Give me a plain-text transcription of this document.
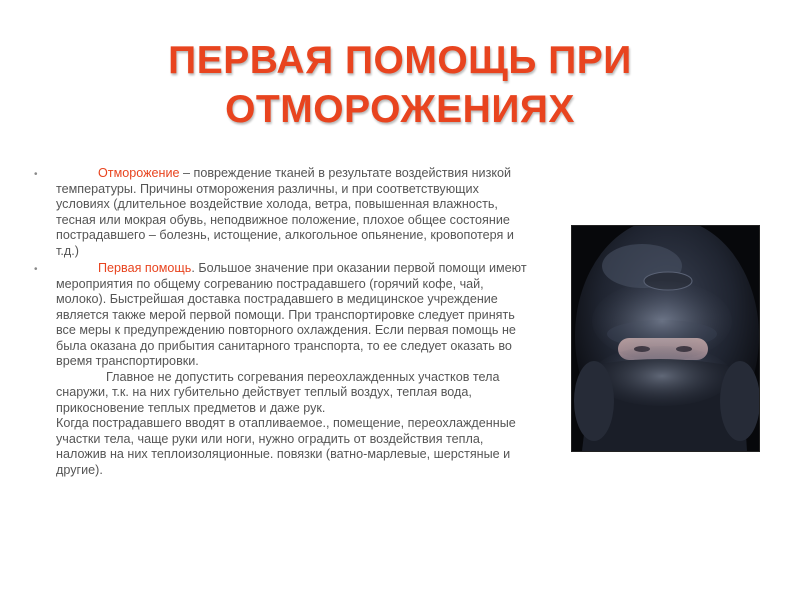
ПЕРВАЯ ПОМОЩЬ ПРИ
ОТМОРОЖЕНИЯХ
•	Отморожение – повреждение тканей в результате воздействия низкой температуры. Причины отморожения различны, и при соответствующих условиях (длительное воздействие холода, ветра, повышенная влажность, тесная или мокрая обувь, неподвижное положение, плохое общее состояние пострадавшего – болезнь, истощение, алкогольное опьянение, кровопотеря и т.д.)

•	Первая помощь. Большое значение при оказании первой помощи имеют мероприятия по общему согреванию пострадавшего (горячий кофе, чай, молоко). Быстрейшая доставка пострадавшего в медицинское учреждение является также мерой первой помощи. При транспортировке следует принять все меры к предупреждению повторного охлаждения. Если первая помощь не была оказана до прибытия санитарного транспорта, то ее следует оказать во время транспортировки.

Главное не допустить согревания переохлажденных участков тела снаружи, т.к. на них губительно действует теплый воздух, теплая вода, прикосновение теплых предметов и даже рук.

Когда пострадавшего вводят в отапливаемое., помещение, переохлажденные участки тела, чаще руки или ноги, нужно оградить от воздействия тепла, наложив на них теплоизоляционные. повязки (ватно-марлевые, шерстяные и другие).
